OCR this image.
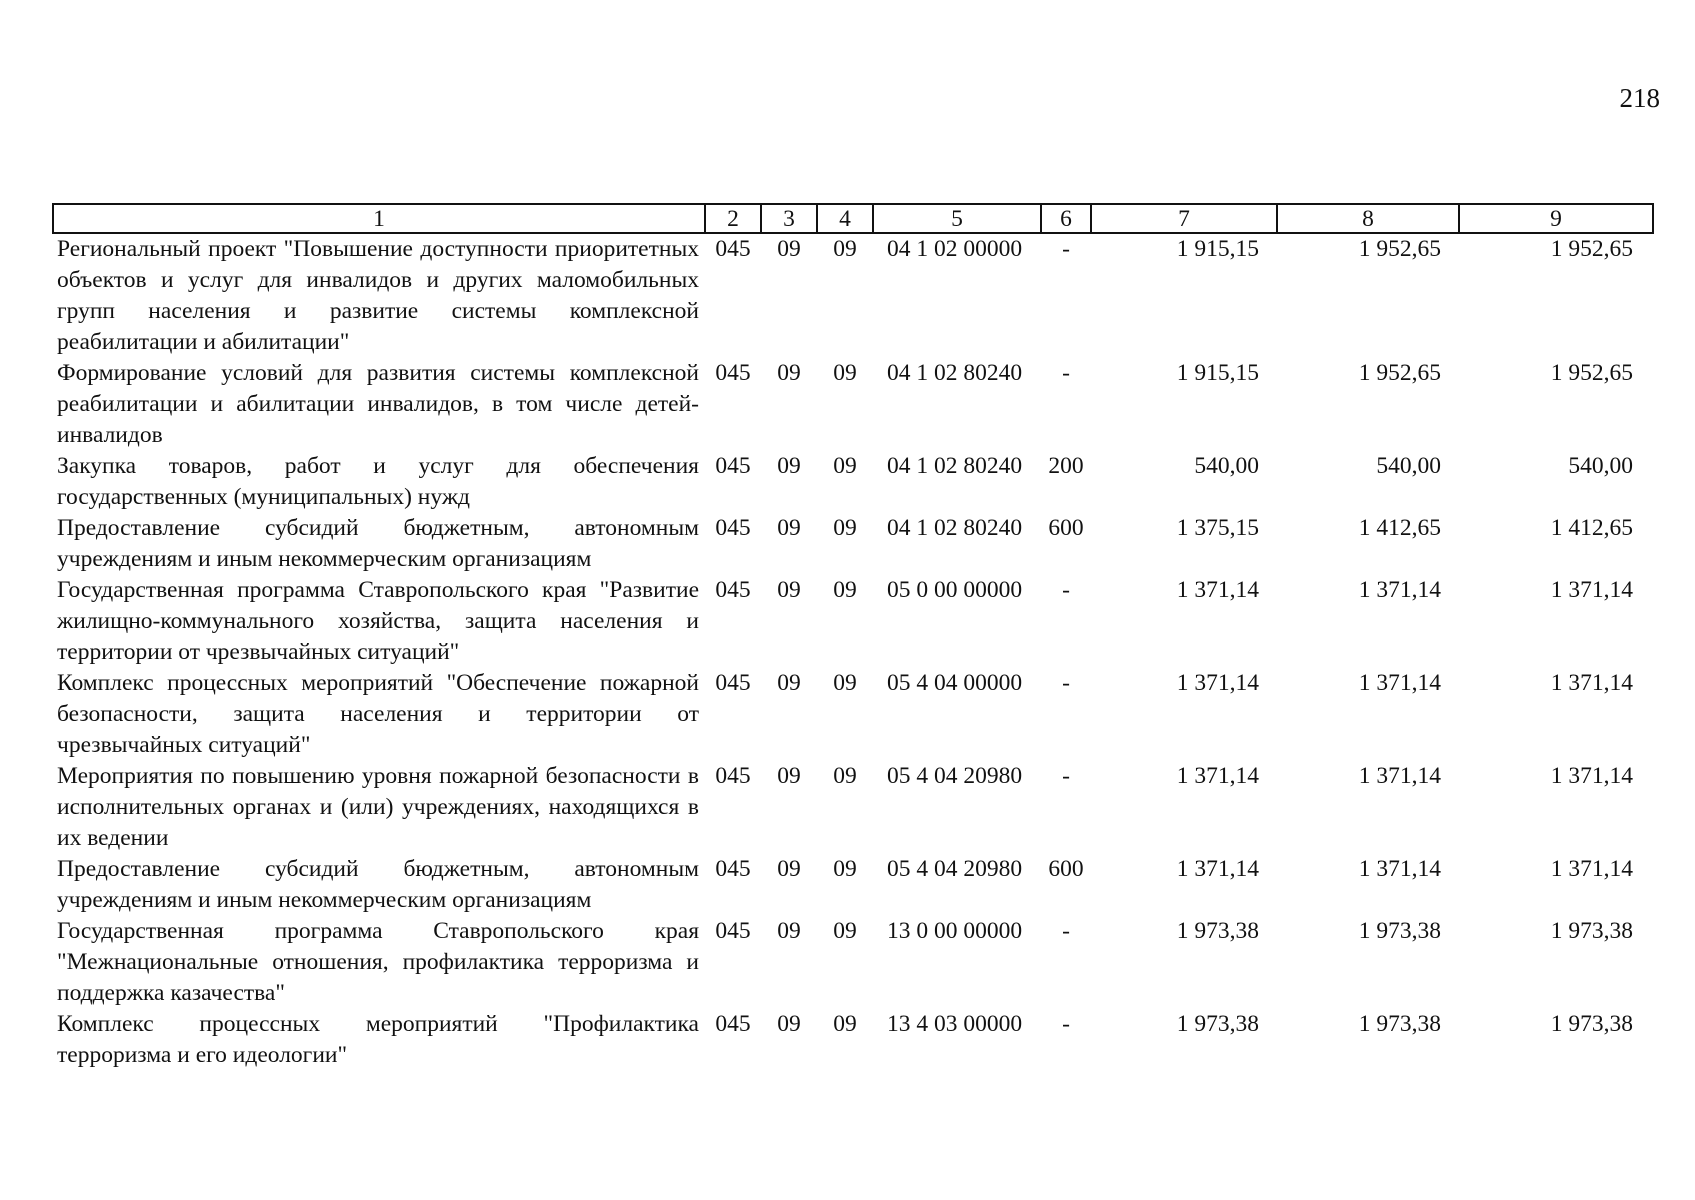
218
1	2	3	4	5	6	7	8	9
Региональный проект "Повышение доступности приоритетных объектов и услуг для инвалидов и других маломобильных групп населения и развитие системы комплексной реабилитации и абилитации"	045	09	09	04 1 02 00000	-	1 915,15	1 952,65	1 952,65
Формирование условий для развития системы комплексной реабилитации и абилитации инвалидов, в том числе детей-инвалидов	045	09	09	04 1 02 80240	-	1 915,15	1 952,65	1 952,65
Закупка товаров, работ и услуг для обеспечения государственных (муниципальных) нужд	045	09	09	04 1 02 80240	200	540,00	540,00	540,00
Предоставление субсидий бюджетным, автономным учреждениям и иным некоммерческим организациям	045	09	09	04 1 02 80240	600	1 375,15	1 412,65	1 412,65
Государственная программа Ставропольского края "Развитие жилищно-коммунального хозяйства, защита населения и территории от чрезвычайных ситуаций"	045	09	09	05 0 00 00000	-	1 371,14	1 371,14	1 371,14
Комплекс процессных мероприятий "Обеспечение пожарной безопасности, защита населения и территории от чрезвычайных ситуаций"	045	09	09	05 4 04 00000	-	1 371,14	1 371,14	1 371,14
Мероприятия по повышению уровня пожарной безопасности в исполнительных органах и (или) учреждениях, находящихся в их ведении	045	09	09	05 4 04 20980	-	1 371,14	1 371,14	1 371,14
Предоставление субсидий бюджетным, автономным учреждениям и иным некоммерческим организациям	045	09	09	05 4 04 20980	600	1 371,14	1 371,14	1 371,14
Государственная программа Ставропольского края "Межнациональные отношения, профилактика терроризма и поддержка казачества"	045	09	09	13 0 00 00000	-	1 973,38	1 973,38	1 973,38
Комплекс процессных мероприятий "Профилактика терроризма и его идеологии"	045	09	09	13 4 03 00000	-	1 973,38	1 973,38	1 973,38
